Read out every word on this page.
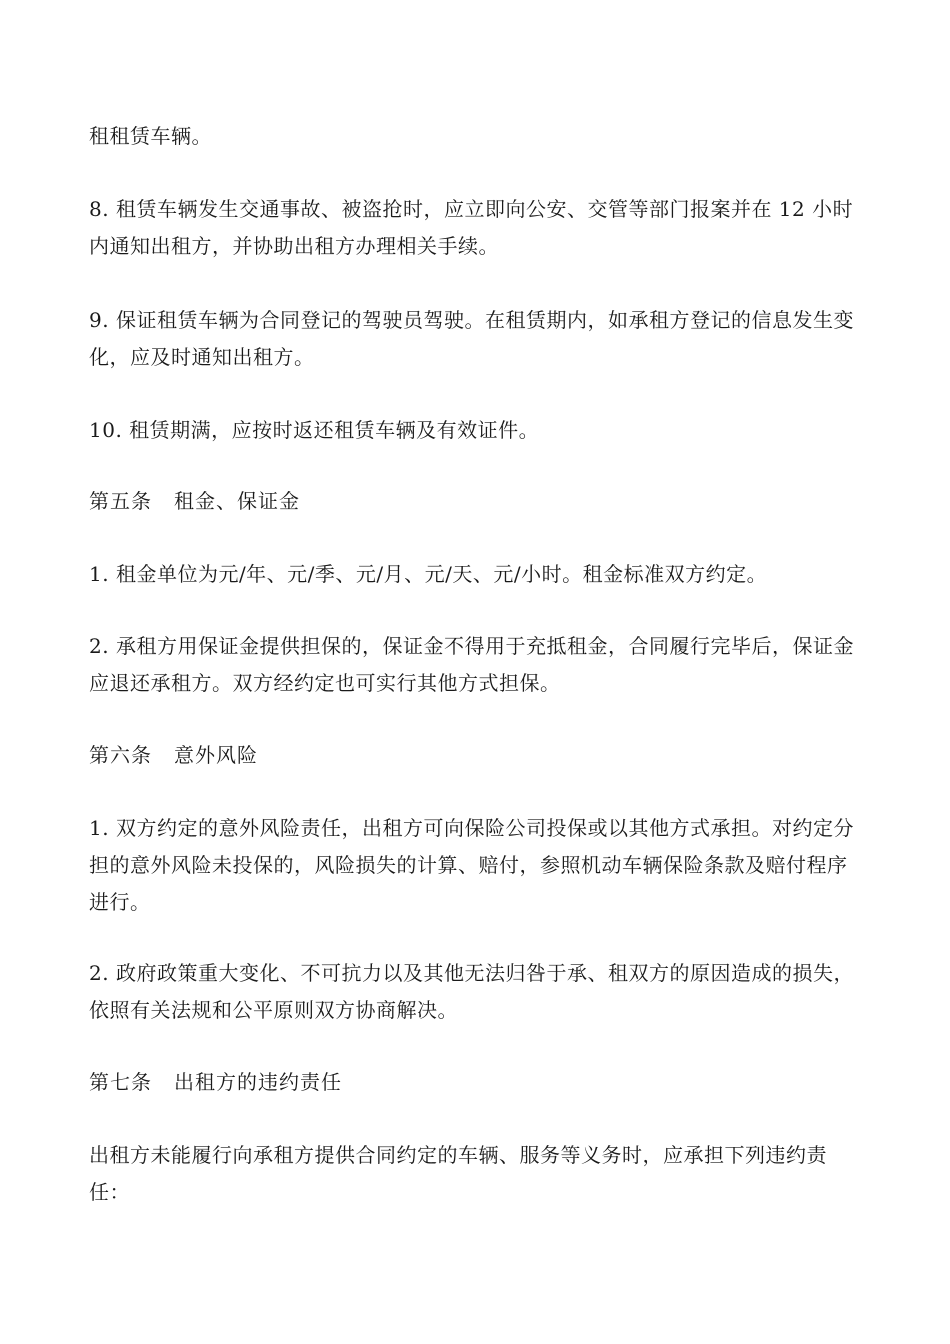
租租赁车辆。
8. 租赁车辆发生交通事故、被盗抢时，应立即向公安、交管等部门报案并在 12 小时内通知出租方，并协助出租方办理相关手续。
9. 保证租赁车辆为合同登记的驾驶员驾驶。在租赁期内，如承租方登记的信息发生变化，应及时通知出租方。
10. 租赁期满，应按时返还租赁车辆及有效证件。
第五条 租金、保证金
1. 租金单位为元/年、元/季、元/月、元/天、元/小时。租金标准双方约定。
2. 承租方用保证金提供担保的，保证金不得用于充抵租金，合同履行完毕后，保证金应退还承租方。双方经约定也可实行其他方式担保。
第六条 意外风险
1. 双方约定的意外风险责任，出租方可向保险公司投保或以其他方式承担。对约定分担的意外风险未投保的，风险损失的计算、赔付，参照机动车辆保险条款及赔付程序进行。
2. 政府政策重大变化、不可抗力以及其他无法归咎于承、租双方的原因造成的损失，依照有关法规和公平原则双方协商解决。
第七条 出租方的违约责任
出租方未能履行向承租方提供合同约定的车辆、服务等义务时，应承担下列违约责任：
